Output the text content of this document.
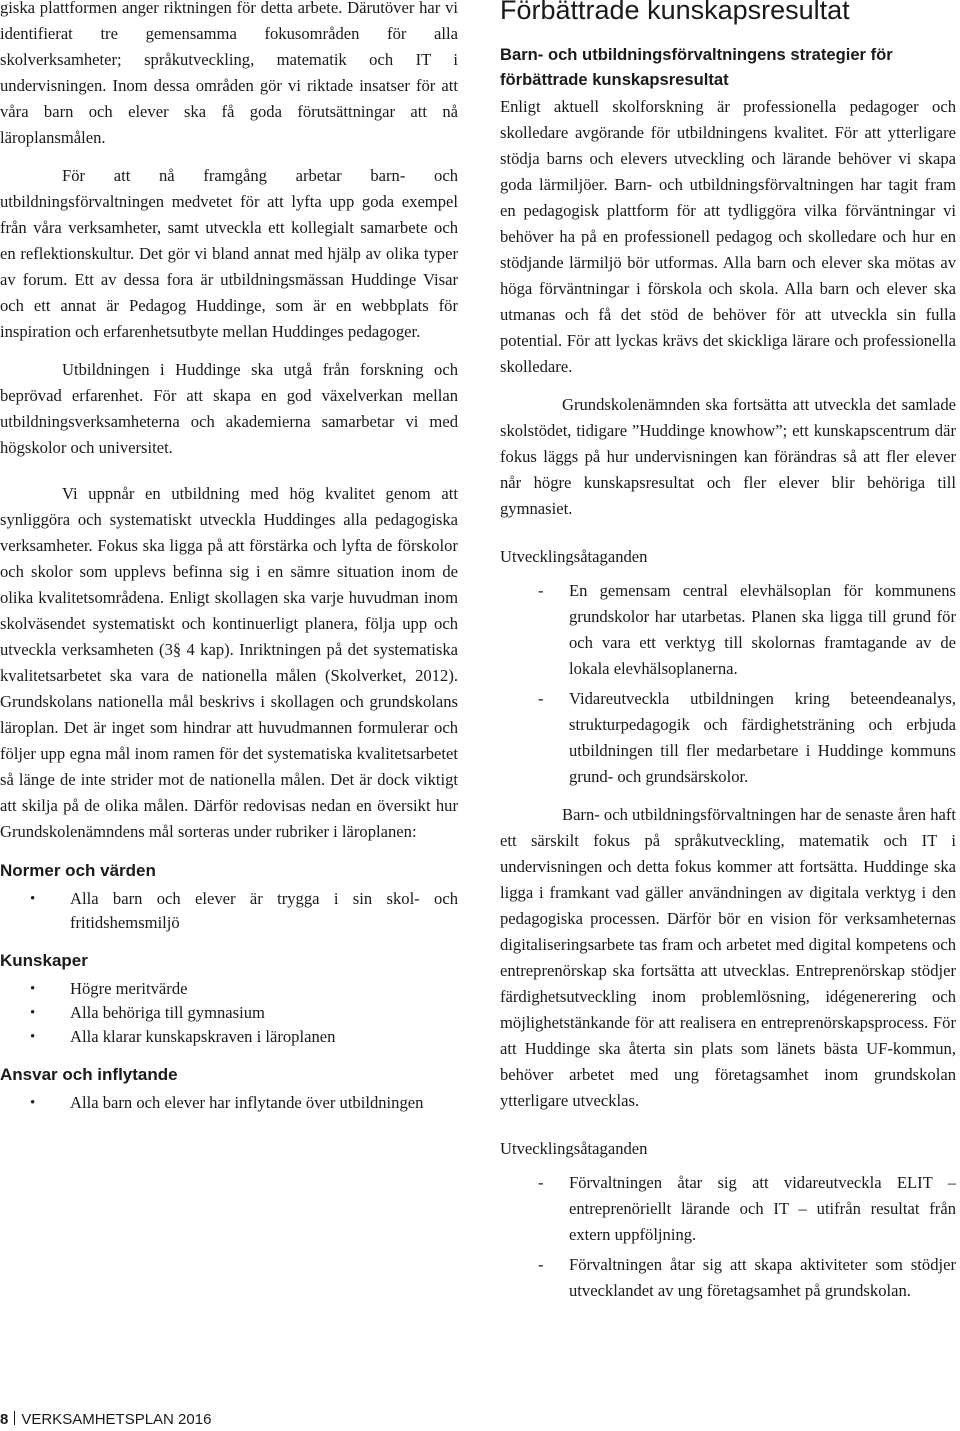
giska plattformen anger riktningen för detta arbete. Därutöver har vi identifierat tre gemensamma fokusområden för alla skolverksamheter; språkutveckling, matematik och IT i undervisningen. Inom dessa områden gör vi riktade insatser för att våra barn och elever ska få goda förutsättningar att nå läroplansmålen.

För att nå framgång arbetar barn- och utbildningsförvaltningen medvetet för att lyfta upp goda exempel från våra verksamheter, samt utveckla ett kollegialt samarbete och en reflektionskultur. Det gör vi bland annat med hjälp av olika typer av forum. Ett av dessa fora är utbildningsmässan Huddinge Visar och ett annat är Pedagog Huddinge, som är en webbplats för inspiration och erfarenhetsutbyte mellan Huddinges pedagoger.

Utbildningen i Huddinge ska utgå från forskning och beprövad erfarenhet. För att skapa en god växelverkan mellan utbildningsverksamheterna och akademierna samarbetar vi med högskolor och universitet.

Vi uppnår en utbildning med hög kvalitet genom att synliggöra och systematiskt utveckla Huddinges alla pedagogiska verksamheter. Fokus ska ligga på att förstärka och lyfta de förskolor och skolor som upplevs befinna sig i en sämre situation inom de olika kvalitetsområdena. Enligt skollagen ska varje huvudman inom skolväsendet systematiskt och kontinuerligt planera, följa upp och utveckla verksamheten (3§ 4 kap). Inriktningen på det systematiska kvalitetsarbetet ska vara de nationella målen (Skolverket, 2012). Grundskolans nationella mål beskrivs i skollagen och grundskolans läroplan. Det är inget som hindrar att huvudmannen formulerar och följer upp egna mål inom ramen för det systematiska kvalitetsarbetet så länge de inte strider mot de nationella målen. Det är dock viktigt att skilja på de olika målen. Därför redovisas nedan en översikt hur Grundskolenämndens mål sorteras under rubriker i läroplanen:

Normer och värden
• Alla barn och elever är trygga i sin skol- och fritidshemsmiljö
Kunskaper
• Högre meritvärde
• Alla behöriga till gymnasium
• Alla klarar kunskapskraven i läroplanen
Ansvar och inflytande
• Alla barn och elever har inflytande över utbildningen
Förbättrade kunskapsresultat
Barn- och utbildningsförvaltningens strategier för förbättrade kunskapsresultat

Enligt aktuell skolforskning är professionella pedagoger och skolledare avgörande för utbildningens kvalitet. För att ytterligare stödja barns och elevers utveckling och lärande behöver vi skapa goda lärmiljöer. Barn- och utbildningsförvaltningen har tagit fram en pedagogisk plattform för att tydliggöra vilka förväntningar vi behöver ha på en professionell pedagog och skolledare och hur en stödjande lärmiljö bör utformas. Alla barn och elever ska mötas av höga förväntningar i förskola och skola. Alla barn och elever ska utmanas och få det stöd de behöver för att utveckla sin fulla potential. För att lyckas krävs det skickliga lärare och professionella skolledare.

Grundskolenämnden ska fortsätta att utveckla det samlade skolstödet, tidigare ”Huddinge knowhow”; ett kunskapscentrum där fokus läggs på hur undervisningen kan förändras så att fler elever når högre kunskapsresultat och fler elever blir behöriga till gymnasiet.

Utvecklingsåtaganden
- En gemensam central elevhälsoplan för kommunens grundskolor har utarbetas. Planen ska ligga till grund för och vara ett verktyg till skolornas framtagande av de lokala elevhälsoplanerna.
- Vidareutveckla utbildningen kring beteendeanalys, strukturpedagogik och färdighetsträning och erbjuda utbildningen till fler medarbetare i Huddinge kommuns grund- och grundsärskolor.

Barn- och utbildningsförvaltningen har de senaste åren haft ett särskilt fokus på språkutveckling, matematik och IT i undervisningen och detta fokus kommer att fortsätta. Huddinge ska ligga i framkant vad gäller användningen av digitala verktyg i den pedagogiska processen. Därför bör en vision för verksamheternas digitaliseringsarbete tas fram och arbetet med digital kompetens och entreprenörskap ska fortsätta att utvecklas. Entreprenörskap stödjer färdighetsutveckling inom problemlösning, idégenerering och möjlighetstänkande för att realisera en entreprenörskapsprocess. För att Huddinge ska återta sin plats som länets bästa UF-kommun, behöver arbetet med ung företagsamhet inom grundskolan ytterligare utvecklas.

Utvecklingsåtaganden
- Förvaltningen åtar sig att vidareutveckla ELIT – entreprenöriellt lärande och IT – utifrån resultat från extern uppföljning.
- Förvaltningen åtar sig att skapa aktiviteter som stödjer utvecklandet av ung företagsamhet på grundskolan.
8 VERKSAMHETSPLAN 2016
